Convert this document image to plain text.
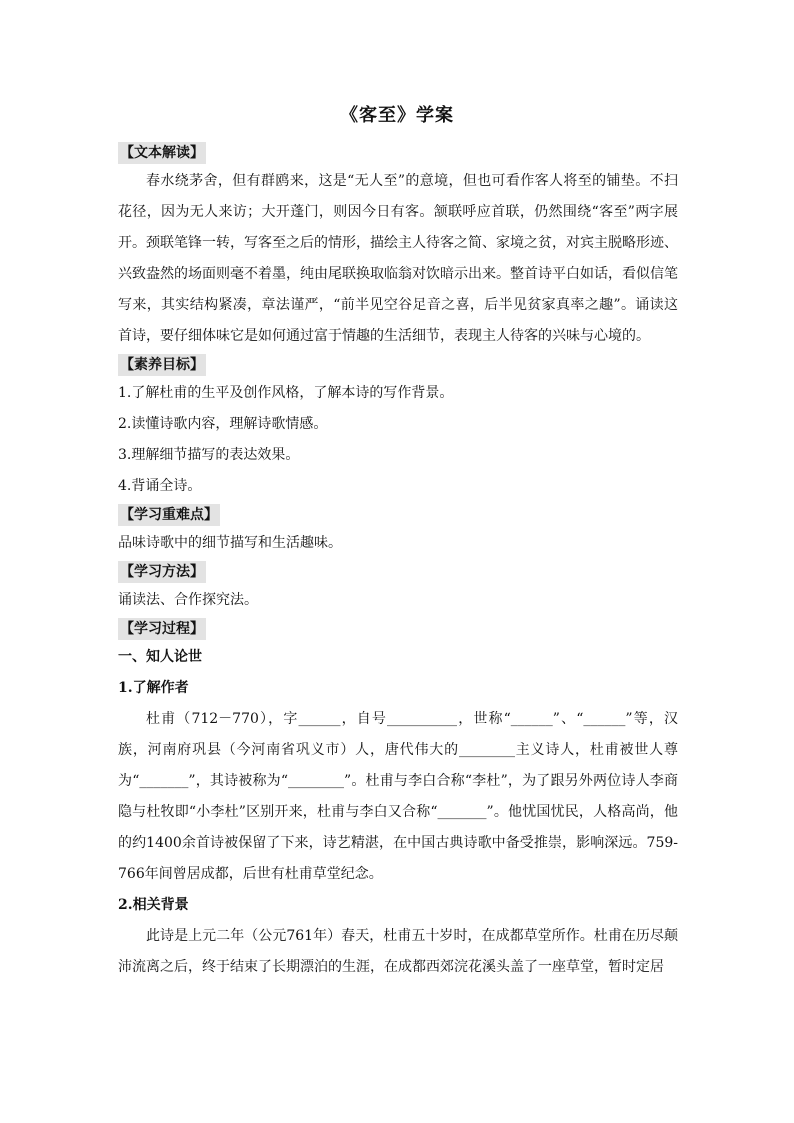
《客至》学案
【文本解读】

春水绕茅舍，但有群鸥来，这是“无人至”的意境，但也可看作客人将至的铺垫。不扫花径，因为无人来访；大开蓬门，则因今日有客。颔联呼应首联，仍然围绕“客至”两字展开。颈联笔锋一转，写客至之后的情形，描绘主人待客之简、家境之贫，对宾主脱略形迹、兴致盎然的场面则毫不着墨，纯由尾联换取临翁对饮暗示出来。整首诗平白如话，看似信笔写来，其实结构紧凑，章法谨严，“前半见空谷足音之喜，后半见贫家真率之趣”。诵读这首诗，要仔细体味它是如何通过富于情趣的生活细节，表现主人待客的兴味与心境的。

【素养目标】

1.了解杜甫的生平及创作风格，了解本诗的写作背景。

2.读懂诗歌内容，理解诗歌情感。

3.理解细节描写的表达效果。

4.背诵全诗。

【学习重难点】

品味诗歌中的细节描写和生活趣味。

【学习方法】

诵读法、合作探究法。

【学习过程】

一、知人论世

1.了解作者

杜甫（712－770），字______，自号__________，世称“______”、“______”等，汉族，河南府巩县（今河南省巩义市）人，唐代伟大的________主义诗人，杜甫被世人尊为“_______”，其诗被称为“________”。杜甫与李白合称“李杜”，为了跟另外两位诗人李商隐与杜牧即“小李杜”区别开来，杜甫与李白又合称“_______”。他忧国忧民，人格高尚，他的约1400余首诗被保留了下来，诗艺精湛，在中国古典诗歌中备受推崇，影响深远。759-766年间曾居成都，后世有杜甫草堂纪念。

2.相关背景

此诗是上元二年（公元761年）春天，杜甫五十岁时，在成都草堂所作。杜甫在历尽颠沛流离之后，终于结束了长期漂泊的生涯，在成都西郊浣花溪头盖了一座草堂，暂时定居
